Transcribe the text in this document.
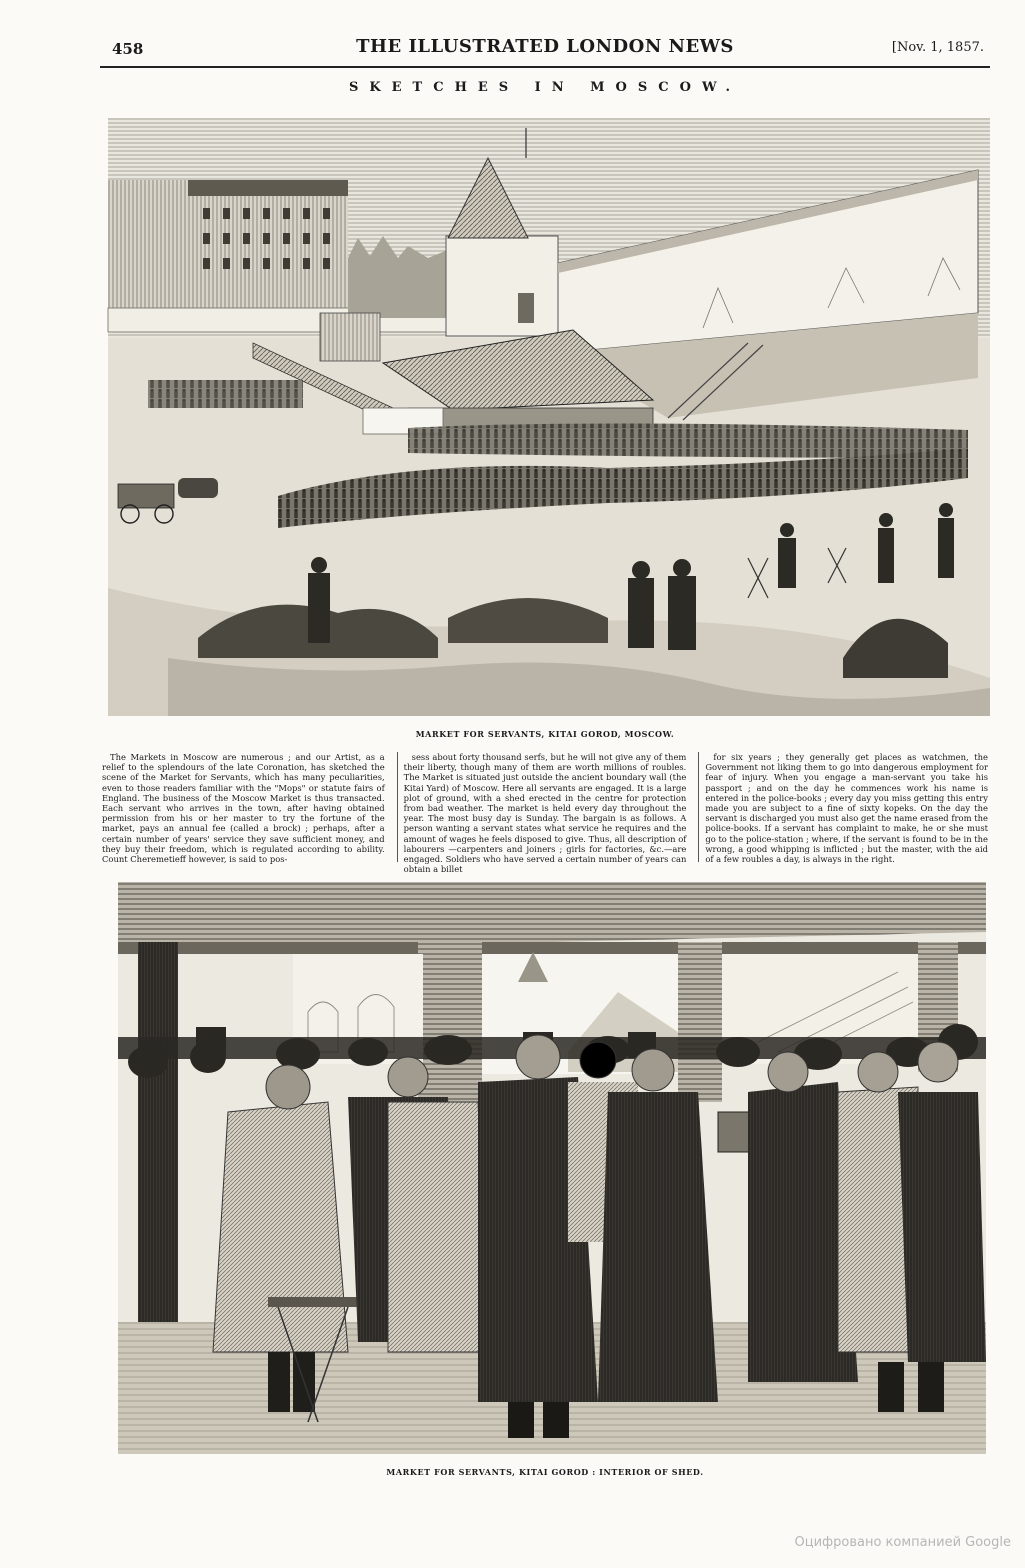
458	THE ILLUSTRATED LONDON NEWS	[Nov. 1, 1857.
SKETCHES IN MOSCOW.
MARKET FOR SERVANTS, KITAI GOROD, MOSCOW.

The Markets in Moscow are numerous ; and our Artist, as a relief to the splendours of the late Coronation, has sketched the scene of the Market for Servants, which has many peculiarities, even to those readers familiar with the "Mops" or statute fairs of England. The business of the Moscow Market is thus transacted. Each servant who arrives in the town, after having obtained permission from his or her master to try the fortune of the market, pays an annual fee (called a brock) ; perhaps, after a certain number of years' service they save sufficient money, and they buy their freedom, which is regulated according to ability. Count Cheremetieff however, is said to pos-

sess about forty thousand serfs, but he will not give any of them their liberty, though many of them are worth millions of roubles. The Market is situated just outside the ancient boundary wall (the Kitai Yard) of Moscow. Here all servants are engaged. It is a large plot of ground, with a shed erected in the centre for protection from bad weather. The market is held every day throughout the year. The most busy day is Sunday. The bargain is as follows. A person wanting a servant states what service he requires and the amount of wages he feels disposed to give. Thus, all description of labourers —carpenters and joiners ; girls for factories, &c.—are engaged. Soldiers who have served a certain number of years can obtain a billet

for six years ; they generally get places as watchmen, the Government not liking them to go into dangerous employment for fear of injury. When you engage a man-servant you take his passport ; and on the day he commences work his name is entered in the police-books ; every day you miss getting this entry made you are subject to a fine of sixty kopeks. On the day the servant is discharged you must also get the name erased from the police-books. If a servant has complaint to make, he or she must go to the police-station ; where, if the servant is found to be in the wrong, a good whipping is inflicted ; but the master, with the aid of a few roubles a day, is always in the right.

MARKET FOR SERVANTS, KITAI GOROD : INTERIOR OF SHED.
Оцифровано компанией Google
